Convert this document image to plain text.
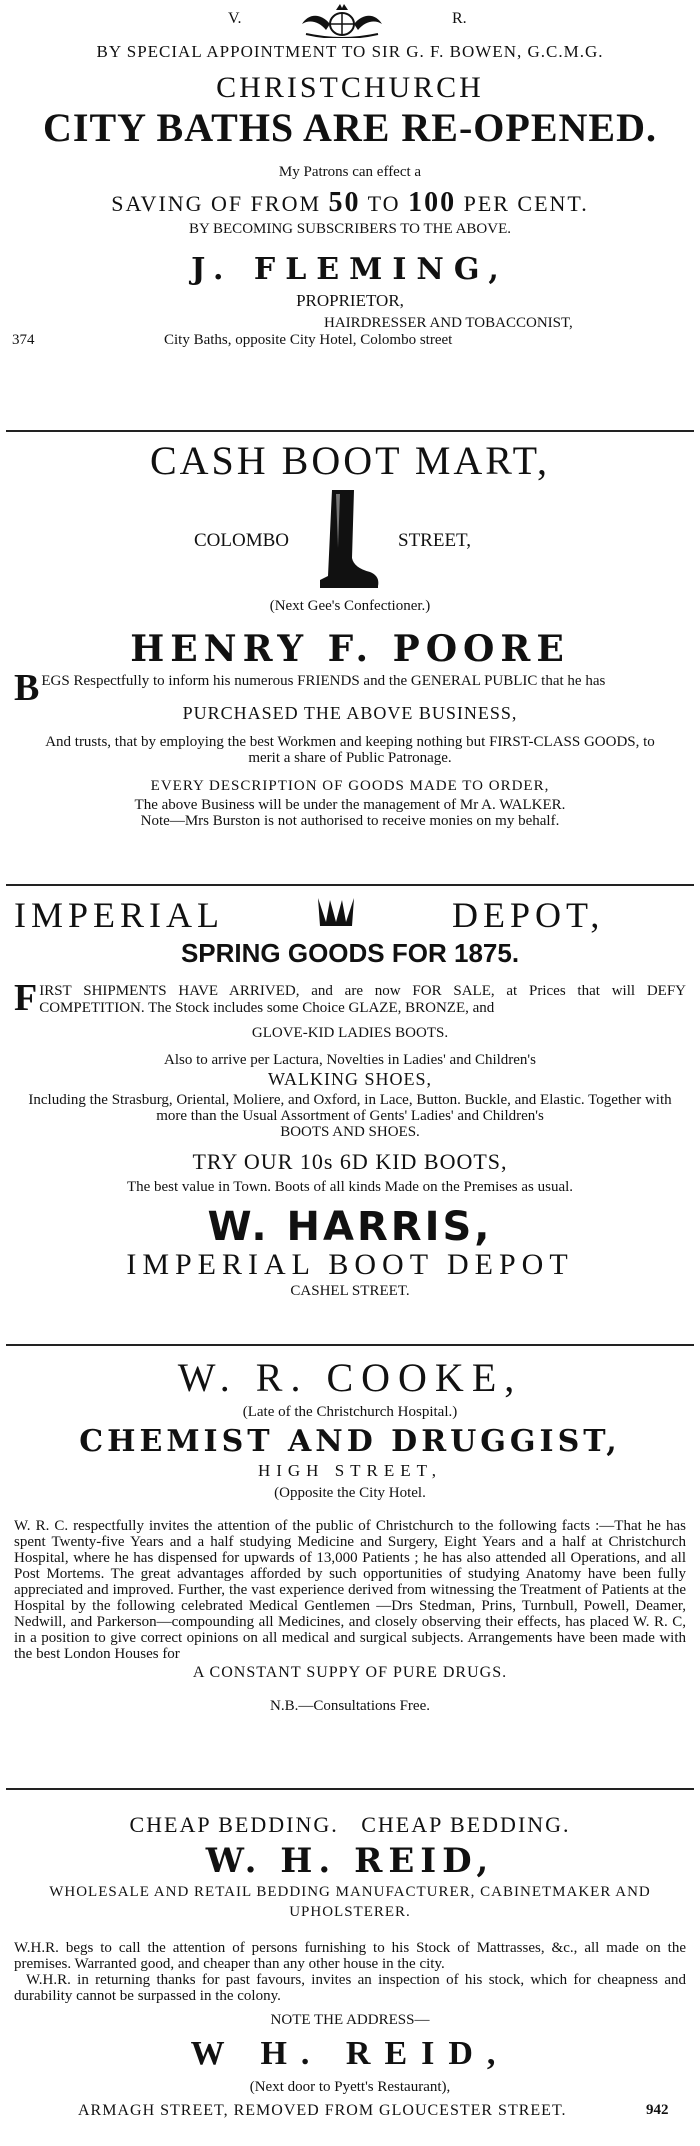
V.	R.
BY SPECIAL APPOINTMENT TO SIR G. F. BOWEN, G.C.M.G.
CHRISTCHURCH
CITY BATHS ARE RE-OPENED.
My Patrons can effect a
SAVING OF FROM 50 TO 100 PER CENT.
BY BECOMING SUBSCRIBERS TO THE ABOVE.
J. FLEMING,
PROPRIETOR,
HAIRDRESSER AND TOBACCONIST,
374	City Baths, opposite City Hotel, Colombo street
CASH BOOT MART,
COLOMBO	STREET,
(Next Gee's Confectioner.)
HENRY F. POORE
B EGS Respectfully to inform his numerous FRIENDS and the GENERAL PUBLIC that he has
PURCHASED THE ABOVE BUSINESS,
And trusts, that by employing the best Workmen and keeping nothing but FIRST-CLASS GOODS, to merit a share of Public Patronage.
EVERY DESCRIPTION OF GOODS MADE TO ORDER,
The above Business will be under the management of Mr A. WALKER.
Note—Mrs Burston is not authorised to receive monies on my behalf.
IMPERIAL	DEPOT,
SPRING GOODS FOR 1875.
F IRST SHIPMENTS HAVE ARRIVED, and are now FOR SALE, at Prices that will DEFY COMPETITION. The Stock includes some Choice GLAZE, BRONZE, and
GLOVE-KID LADIES BOOTS.
Also to arrive per Lactura, Novelties in Ladies' and Children's
WALKING SHOES,
Including the Strasburg, Oriental, Moliere, and Oxford, in Lace, Button. Buckle, and Elastic. Together with more than the Usual Assortment of Gents' Ladies' and Children's
BOOTS AND SHOES.
TRY OUR 10s 6D KID BOOTS,
The best value in Town. Boots of all kinds Made on the Premises as usual.
W. HARRIS,
IMPERIAL BOOT DEPOT
CASHEL STREET.
W. R. COOKE,
(Late of the Christchurch Hospital.)
CHEMIST AND DRUGGIST,
HIGH STREET,
(Opposite the City Hotel.
W. R. C. respectfully invites the attention of the public of Christchurch to the following facts :—That he has spent Twenty-five Years and a half studying Medicine and Surgery, Eight Years and a half at Christchurch Hospital, where he has dispensed for upwards of 13,000 Patients ; he has also attended all Operations, and all Post Mortems. The great advantages afforded by such opportunities of studying Anatomy have been fully appreciated and improved. Further, the vast experience derived from witnessing the Treatment of Patients at the Hospital by the following celebrated Medical Gentlemen —Drs Stedman, Prins, Turnbull, Powell, Deamer, Nedwill, and Parkerson—compounding all Medicines, and closely observing their effects, has placed W. R. C, in a position to give correct opinions on all medical and surgical subjects. Arrangements have been made with the best London Houses for
A CONSTANT SUPPY OF PURE DRUGS.
N.B.—Consultations Free.
CHEAP BEDDING.   CHEAP BEDDING.
W. H. REID,
WHOLESALE AND RETAIL BEDDING MANUFACTURER, CABINETMAKER AND UPHOLSTERER.
W.H.R. begs to call the attention of persons furnishing to his Stock of Mattrasses, &c., all made on the premises. Warranted good, and cheaper than any other house in the city.
W.H.R. in returning thanks for past favours, invites an inspection of his stock, which for cheapness and durability cannot be surpassed in the colony.
NOTE THE ADDRESS—
W H. REID,
(Next door to Pyett's Restaurant),
ARMAGH STREET, REMOVED FROM GLOUCESTER STREET.	942
